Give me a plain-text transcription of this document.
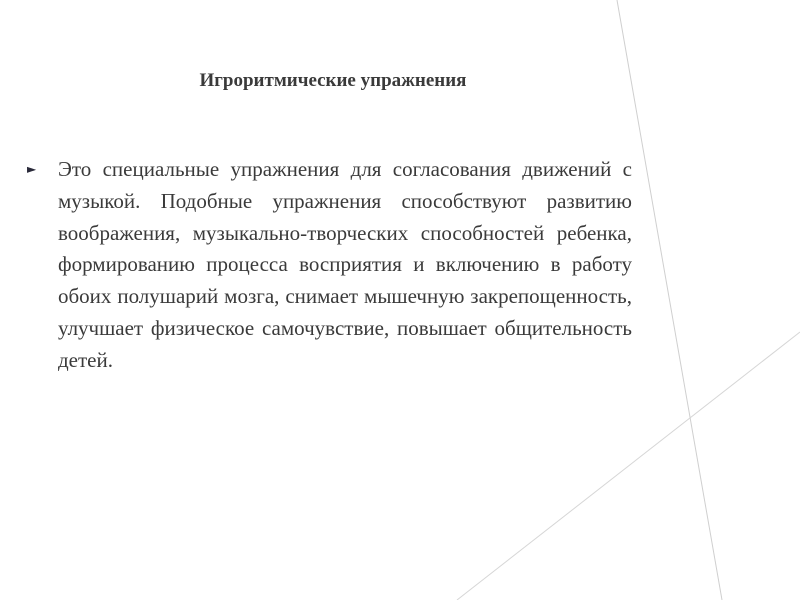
Игроритмические упражнения
► Это специальные упражнения для согласования движений с музыкой. Подобные упражнения способствуют развитию воображения, музыкально-творческих способностей ребенка, формированию процесса восприятия и включению в работу обоих полушарий мозга, снимает мышечную закрепощенность, улучшает физическое самочувствие, повышает общительность детей.
